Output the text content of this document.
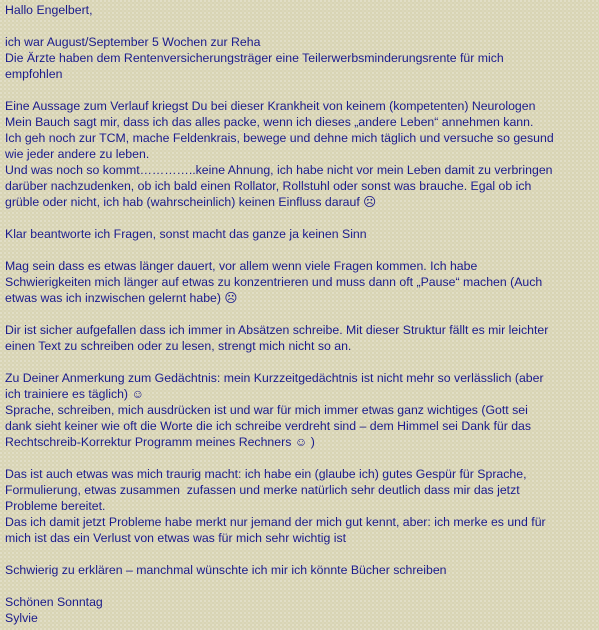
Hallo Engelbert,
ich war August/September 5 Wochen zur Reha
Die Ärzte haben dem Rentenversicherungsträger eine Teilerwerbsminderungsrente für mich
empfohlen
Eine Aussage zum Verlauf kriegst Du bei dieser Krankheit von keinem (kompetenten) Neurologen
Mein Bauch sagt mir, dass ich das alles packe, wenn ich dieses „andere Leben“ annehmen kann.
Ich geh noch zur TCM, mache Feldenkrais, bewege und dehne mich täglich und versuche so gesund
wie jeder andere zu leben.
Und was noch so kommt…………..keine Ahnung, ich habe nicht vor mein Leben damit zu verbringen
darüber nachzudenken, ob ich bald einen Rollator, Rollstuhl oder sonst was brauche. Egal ob ich
grüble oder nicht, ich hab (wahrscheinlich) keinen Einfluss darauf ☹
Klar beantworte ich Fragen, sonst macht das ganze ja keinen Sinn
Mag sein dass es etwas länger dauert, vor allem wenn viele Fragen kommen. Ich habe
Schwierigkeiten mich länger auf etwas zu konzentrieren und muss dann oft „Pause“ machen (Auch
etwas was ich inzwischen gelernt habe) ☹
Dir ist sicher aufgefallen dass ich immer in Absätzen schreibe. Mit dieser Struktur fällt es mir leichter
einen Text zu schreiben oder zu lesen, strengt mich nicht so an.
Zu Deiner Anmerkung zum Gedächtnis: mein Kurzzeitgedächtnis ist nicht mehr so verlässlich (aber
ich trainiere es täglich) ☺
Sprache, schreiben, mich ausdrücken ist und war für mich immer etwas ganz wichtiges (Gott sei
dank sieht keiner wie oft die Worte die ich schreibe verdreht sind – dem Himmel sei Dank für das
Rechtschreib-Korrektur Programm meines Rechners ☺ )
Das ist auch etwas was mich traurig macht: ich habe ein (glaube ich) gutes Gespür für Sprache,
Formulierung, etwas zusammen  zufassen und merke natürlich sehr deutlich dass mir das jetzt
Probleme bereitet.
Das ich damit jetzt Probleme habe merkt nur jemand der mich gut kennt, aber: ich merke es und für
mich ist das ein Verlust von etwas was für mich sehr wichtig ist
Schwierig zu erklären – manchmal wünschte ich mir ich könnte Bücher schreiben
Schönen Sonntag
Sylvie
